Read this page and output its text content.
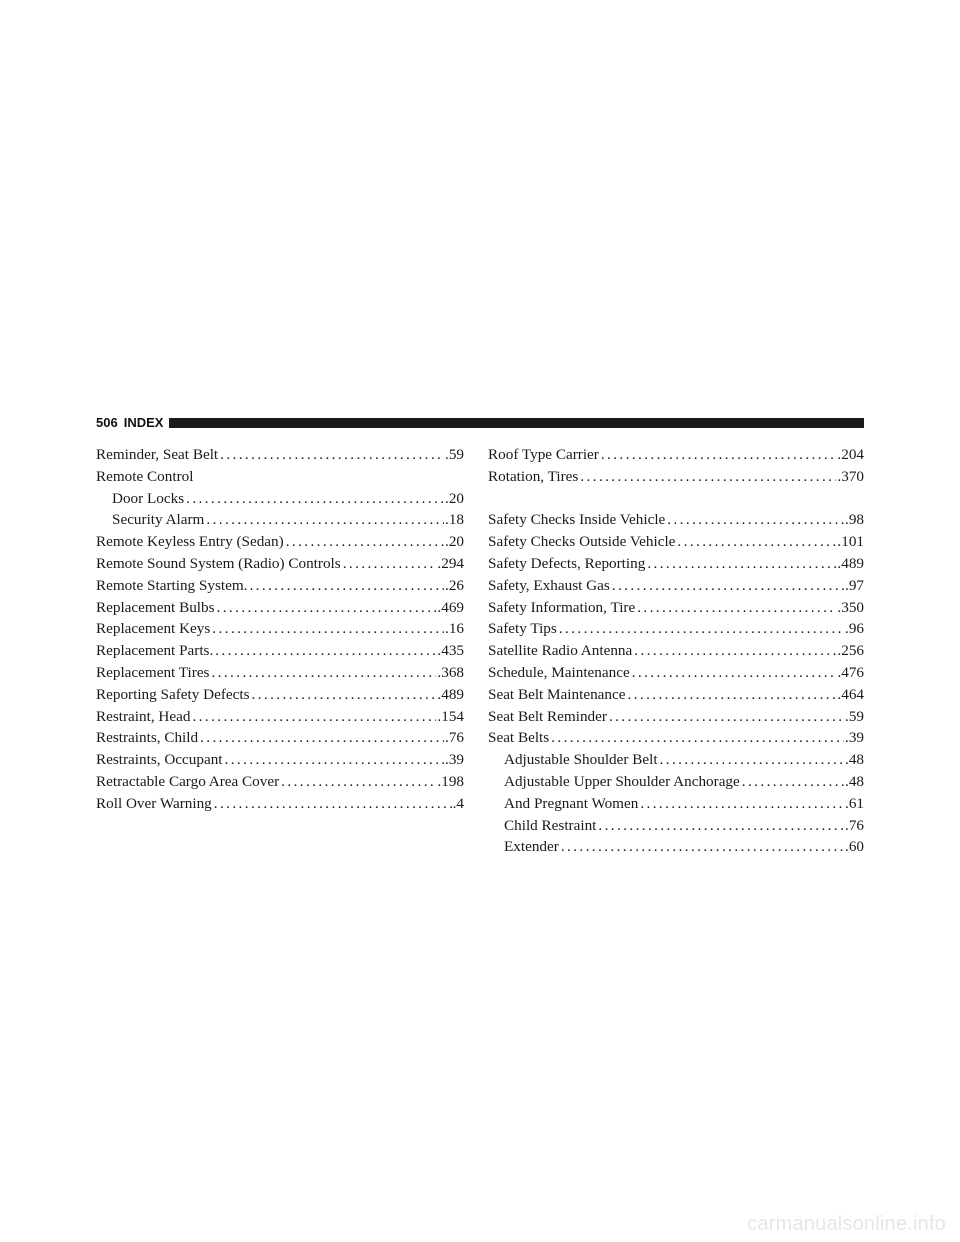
506 INDEX
Reminder, Seat Belt .....	.59
Remote Control
Door Locks .....	.20
Security Alarm .....	.18
Remote Keyless Entry (Sedan) .....	.20
Remote Sound System (Radio) Controls .....	.294
Remote Starting System. .....	.26
Replacement Bulbs .....	.469
Replacement Keys .....	.16
Replacement Parts. .....	.435
Replacement Tires .....	.368
Reporting Safety Defects .....	.489
Restraint, Head .....	.154
Restraints, Child .....	.76
Restraints, Occupant .....	.39
Retractable Cargo Area Cover .....	.198
Roll Over Warning .....	.4
Roof Type Carrier .....	.204
Rotation, Tires .....	.370
Safety Checks Inside Vehicle .....	.98
Safety Checks Outside Vehicle .....	.101
Safety Defects, Reporting .....	.489
Safety, Exhaust Gas .....	.97
Safety Information, Tire .....	.350
Safety Tips .....	.96
Satellite Radio Antenna .....	.256
Schedule, Maintenance .....	.476
Seat Belt Maintenance .....	.464
Seat Belt Reminder .....	.59
Seat Belts .....	.39
Adjustable Shoulder Belt .....	.48
Adjustable Upper Shoulder Anchorage .....	.48
And Pregnant Women .....	.61
Child Restraint .....	.76
Extender .....	.60
carmanualsonline.info
